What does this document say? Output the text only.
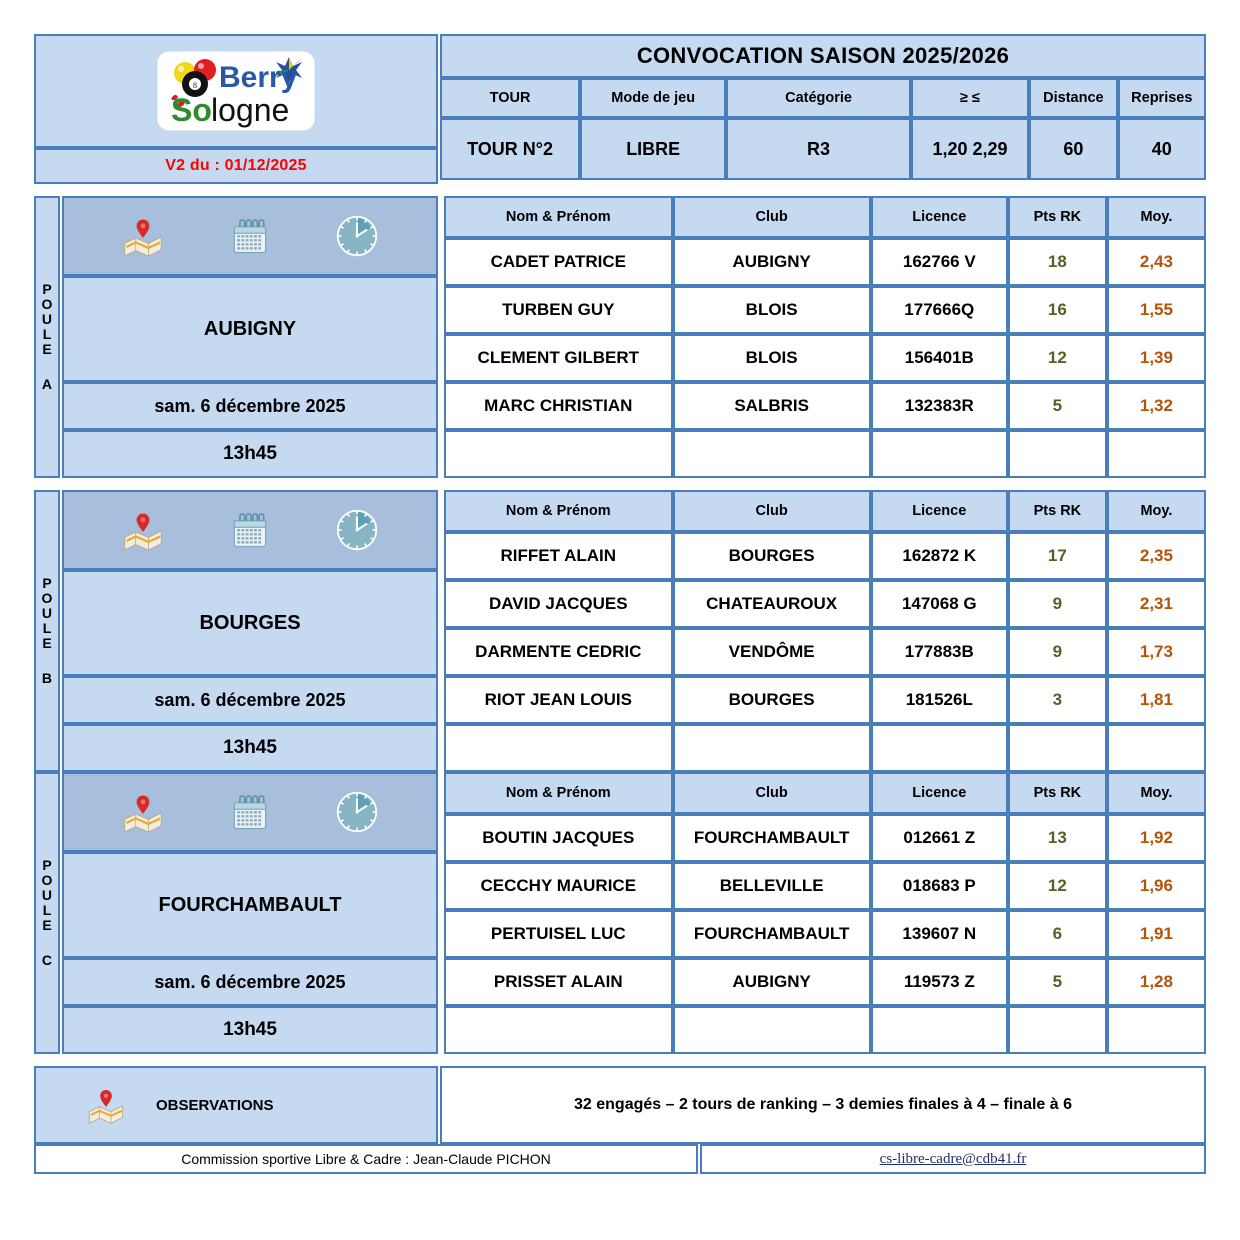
8 Berry
So logne
V2 du : 01/12/2025
CONVOCATION SAISON 2025/2026
TOUR	Mode de jeu	Catégorie	≥ ≤	Distance	Reprises
TOUR N°2	LIBRE	R3	1,20 2,29	60	40
P
O
U
L
E
A
AUBIGNY
sam. 6 décembre 2025
13h45
Nom & Prénom	Club	Licence	Pts RK	Moy.
CADET PATRICE	AUBIGNY	162766 V	18	2,43
TURBEN GUY	BLOIS	177666Q	16	1,55
CLEMENT GILBERT	BLOIS	156401B	12	1,39
MARC CHRISTIAN	SALBRIS	132383R	5	1,32
P
O
U
L
E
B
BOURGES
sam. 6 décembre 2025
13h45
Nom & Prénom	Club	Licence	Pts RK	Moy.
RIFFET ALAIN	BOURGES	162872 K	17	2,35
DAVID JACQUES	CHATEAUROUX	147068 G	9	2,31
DARMENTE CEDRIC	VENDÔME	177883B	9	1,73
RIOT JEAN LOUIS	BOURGES	181526L	3	1,81
P
O
U
L
E
C
FOURCHAMBAULT
sam. 6 décembre 2025
13h45
Nom & Prénom	Club	Licence	Pts RK	Moy.
BOUTIN JACQUES	FOURCHAMBAULT	012661 Z	13	1,92
CECCHY MAURICE	BELLEVILLE	018683 P	12	1,96
PERTUISEL LUC	FOURCHAMBAULT	139607 N	6	1,91
PRISSET ALAIN	AUBIGNY	119573 Z	5	1,28
OBSERVATIONS	32 engagés – 2 tours de ranking – 3 demies finales à 4 – finale à 6
Commission sportive Libre & Cadre : Jean-Claude PICHON	cs-libre-cadre@cdb41.fr
